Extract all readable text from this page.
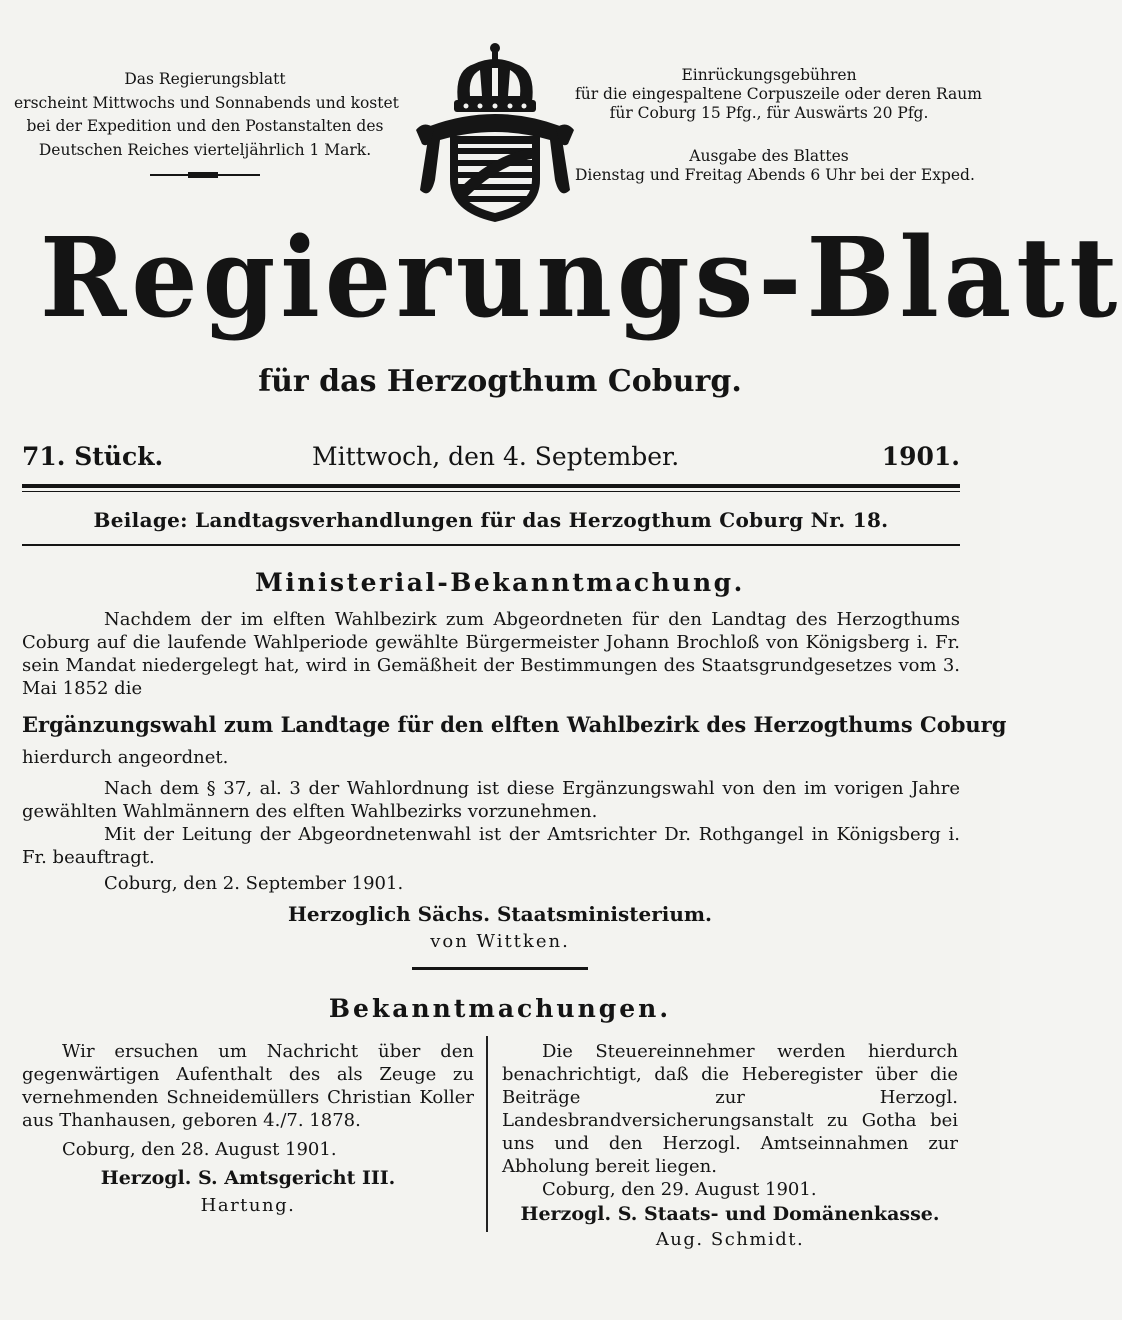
Das Regierungsblatt
erscheint Mittwochs und Sonnabends und kostet
bei der Expedition und den Postanstalten des
Deutschen Reiches vierteljährlich 1 Mark.
Einrückungsgebühren
für die eingespaltene Corpuszeile oder deren Raum
für Coburg 15 Pfg., für Auswärts 20 Pfg.
Ausgabe des Blattes
Dienstag und Freitag Abends 6 Uhr bei der Exped.
Regierungs-Blatt
für das Herzogthum Coburg.
71. Stück.	Mittwoch, den 4. September.	1901.
Beilage: Landtagsverhandlungen für das Herzogthum Coburg Nr. 18.
Ministerial-Bekanntmachung.

Nachdem der im elften Wahlbezirk zum Abgeordneten für den Landtag des Herzogthums Coburg auf die laufende Wahlperiode gewählte Bürgermeister Johann Brochloß von Königsberg i. Fr. sein Mandat niedergelegt hat, wird in Gemäßheit der Bestimmungen des Staatsgrundgesetzes vom 3. Mai 1852 die

Ergänzungswahl zum Landtage für den elften Wahlbezirk des Herzogthums Coburg

hierdurch angeordnet.

Nach dem § 37, al. 3 der Wahlordnung ist diese Ergänzungswahl von den im vorigen Jahre gewählten Wahlmännern des elften Wahlbezirks vorzunehmen.

Mit der Leitung der Abgeordnetenwahl ist der Amtsrichter Dr. Rothgangel in Königsberg i. Fr. beauftragt.

Coburg, den 2. September 1901.
Herzoglich Sächs. Staatsministerium.
von Wittken.
Bekanntmachungen.

Wir ersuchen um Nachricht über den gegenwärtigen Aufenthalt des als Zeuge zu vernehmenden Schneidemüllers Christian Koller aus Thanhausen, geboren 4./7. 1878.

Coburg, den 28. August 1901.

Herzogl. S. Amtsgericht III.

Hartung.

Die Steuereinnehmer werden hierdurch benachrichtigt, daß die Heberegister über die Beiträge zur Herzogl. Landesbrandversicherungsanstalt zu Gotha bei uns und den Herzogl. Amtseinnahmen zur Abholung bereit liegen.

Coburg, den 29. August 1901.

Herzogl. S. Staats- und Domänenkasse.

Aug. Schmidt.
